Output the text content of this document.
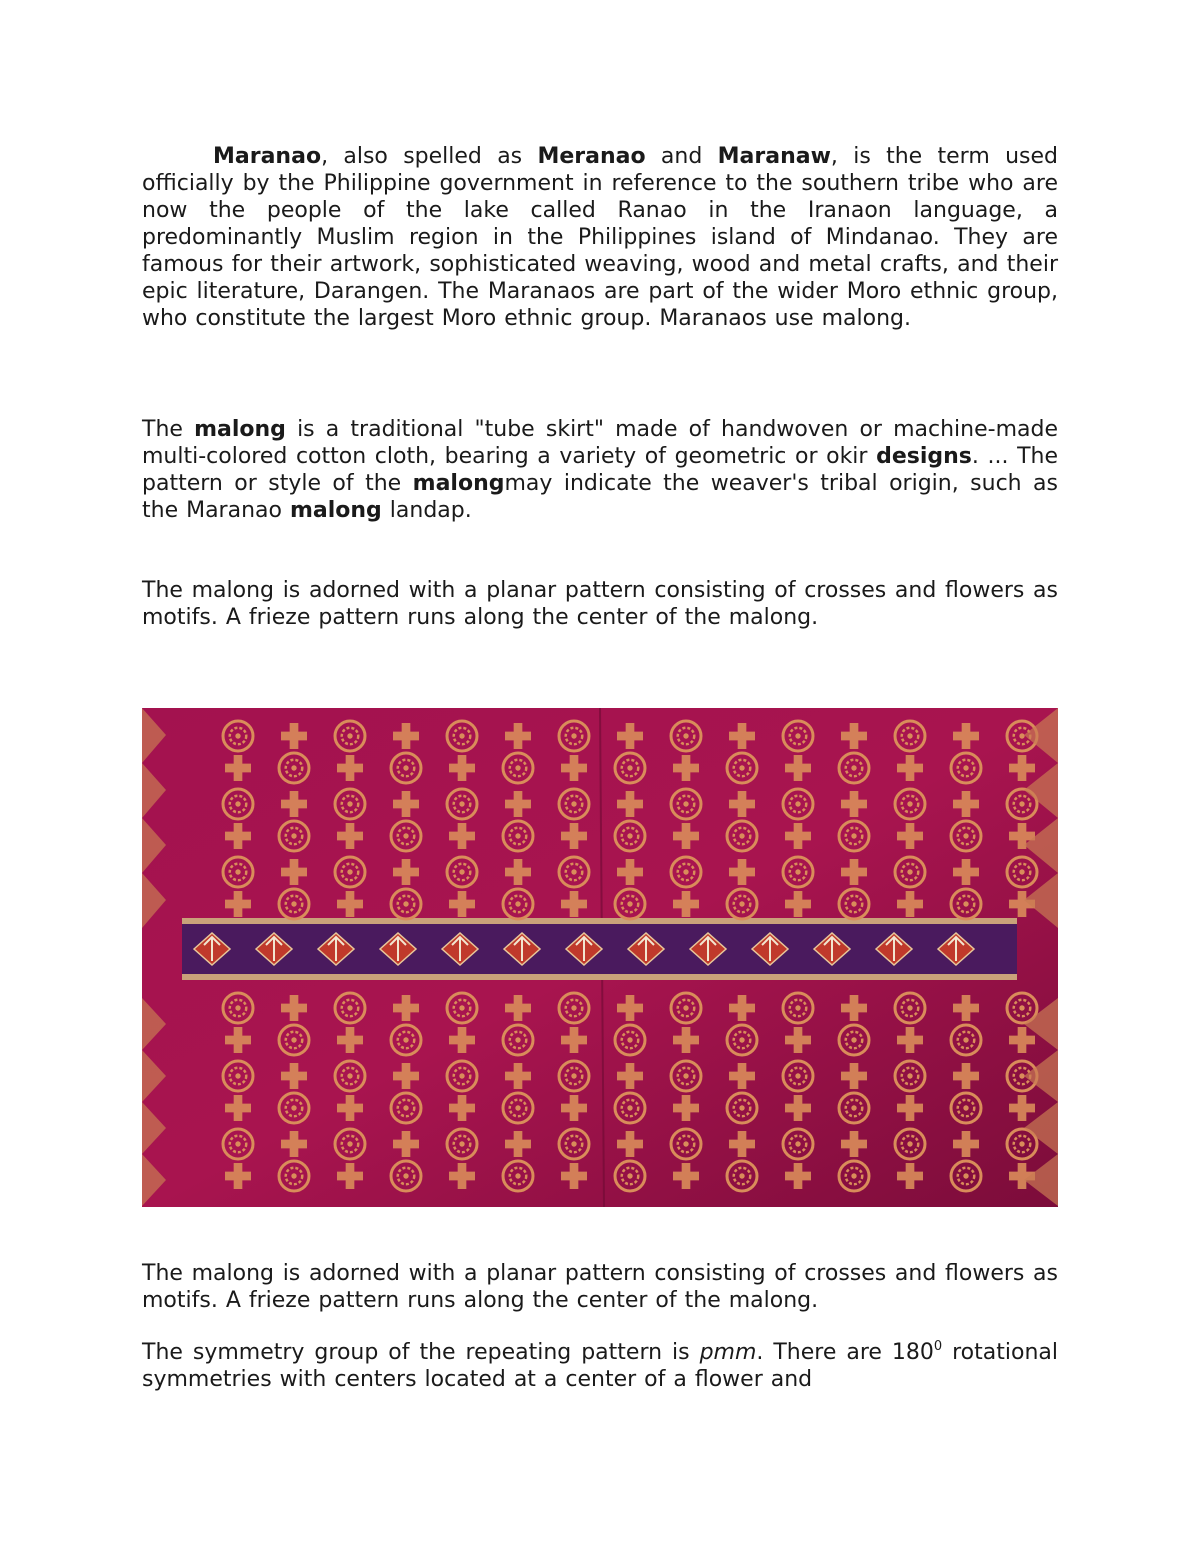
Maranao, also spelled as Meranao and Maranaw, is the term used officially by the Philippine government in reference to the southern tribe who are now the people of the lake called Ranao in the Iranaon language, a predominantly Muslim region in the Philippines island of Mindanao. They are famous for their artwork, sophisticated weaving, wood and metal crafts, and their epic literature, Darangen. The Maranaos are part of the wider Moro ethnic group, who constitute the largest Moro ethnic group. Maranaos use malong.

The malong is a traditional "tube skirt" made of handwoven or machine-made multi-colored cotton cloth, bearing a variety of geometric or okir designs. ... The pattern or style of the malongmay indicate the weaver's tribal origin, such as the Maranao malong landap.

The malong is adorned with a planar pattern consisting of crosses and flowers as motifs. A frieze pattern runs along the center of the malong.

The malong is adorned with a planar pattern consisting of crosses and flowers as motifs. A frieze pattern runs along the center of the malong.

The symmetry group of the repeating pattern is pmm. There are $180^0$ rotational symmetries with centers located at a center of a flower and
